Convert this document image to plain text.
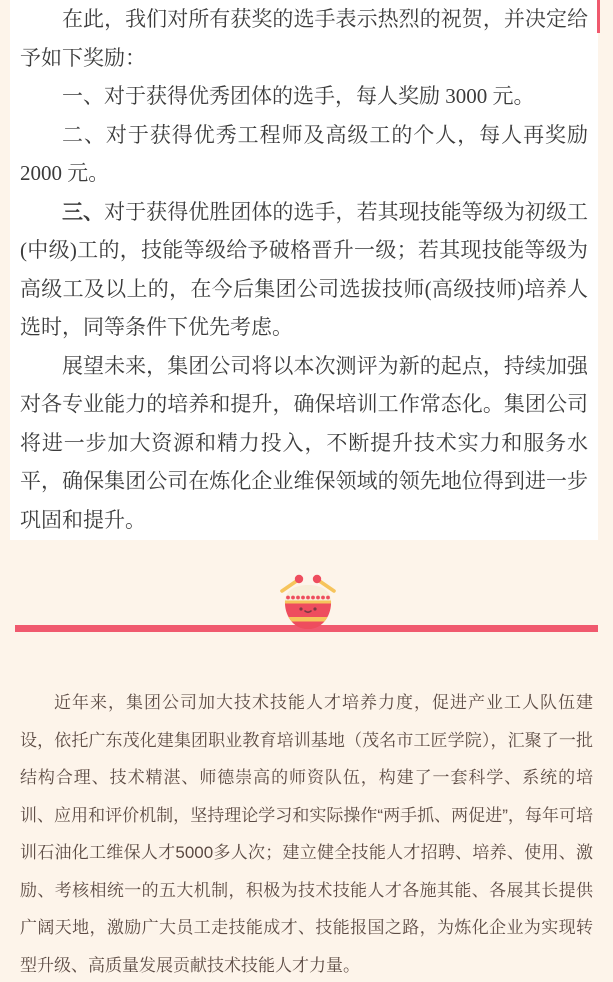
在此，我们对所有获奖的选手表示热烈的祝贺，并决定给予如下奖励：

一、对于获得优秀团体的选手，每人奖励 3000 元。

二、对于获得优秀工程师及高级工的个人，每人再奖励 2000 元。

三、对于获得优胜团体的选手，若其现技能等级为初级工(中级)工的，技能等级给予破格晋升一级；若其现技能等级为高级工及以上的，在今后集团公司选拔技师(高级技师)培养人选时，同等条件下优先考虑。

展望未来，集团公司将以本次测评为新的起点，持续加强对各专业能力的培养和提升，确保培训工作常态化。集团公司将进一步加大资源和精力投入，不断提升技术实力和服务水平，确保集团公司在炼化企业维保领域的领先地位得到进一步巩固和提升。

近年来，集团公司加大技术技能人才培养力度，促进产业工人队伍建设，依托广东茂化建集团职业教育培训基地（茂名市工匠学院），汇聚了一批结构合理、技术精湛、师德崇高的师资队伍，构建了一套科学、系统的培训、应用和评价机制，坚持理论学习和实际操作“两手抓、两促进”，每年可培训石油化工维保人才5000多人次；建立健全技能人才招聘、培养、使用、激励、考核相统一的五大机制，积极为技术技能人才各施其能、各展其长提供广阔天地，激励广大员工走技能成才、技能报国之路，为炼化企业为实现转型升级、高质量发展贡献技术技能人才力量。
